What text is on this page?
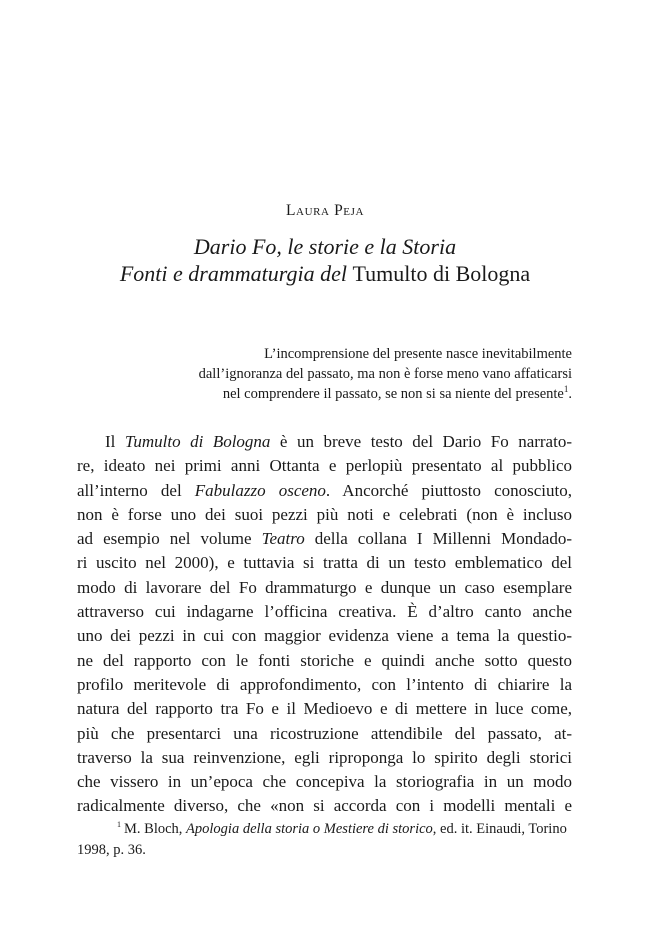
Laura Peja
Dario Fo, le storie e la Storia
Fonti e drammaturgia del Tumulto di Bologna
L’incomprensione del presente nasce inevitabilmente
dall’ignoranza del passato, ma non è forse meno vano affaticarsi
nel comprendere il passato, se non si sa niente del presente$^1$.
Il Tumulto di Bologna è un breve testo del Dario Fo narrato-
re, ideato nei primi anni Ottanta e perlopiù presentato al pubblico
all’interno del Fabulazzo osceno. Ancorché piuttosto conosciuto,
non è forse uno dei suoi pezzi più noti e celebrati (non è incluso
ad esempio nel volume Teatro della collana I Millenni Mondado-
ri uscito nel 2000), e tuttavia si tratta di un testo emblematico del
modo di lavorare del Fo drammaturgo e dunque un caso esemplare
attraverso cui indagarne l’officina creativa. È d’altro canto anche
uno dei pezzi in cui con maggior evidenza viene a tema la questio-
ne del rapporto con le fonti storiche e quindi anche sotto questo
profilo meritevole di approfondimento, con l’intento di chiarire la
natura del rapporto tra Fo e il Medioevo e di mettere in luce come,
più che presentarci una ricostruzione attendibile del passato, at-
traverso la sua reinvenzione, egli riproponga lo spirito degli storici
che vissero in un’epoca che concepiva la storiografia in un modo
radicalmente diverso, che «non si accorda con i modelli mentali e
$^1$ M. Bloch, Apologia della storia o Mestiere di storico, ed. it. Einaudi, Torino
1998, p. 36.
